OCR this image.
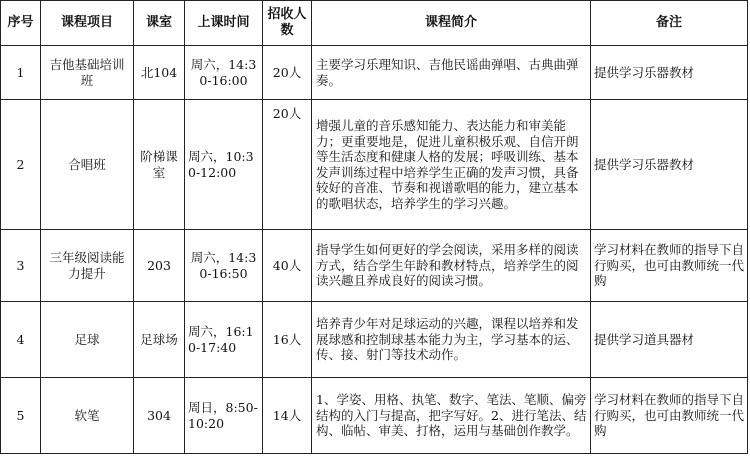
序号	课程项目	课室	上课时间	招收人数	课程简介	备注
1	吉他基础培训班	北104	周六，14:30-16:00	20人	主要学习乐理知识、吉他民谣曲弹唱、古典曲弹奏。	提供学习乐器教材
2	合唱班	阶梯课室	周六，10:30-12:00	20人	增强儿童的音乐感知能力、表达能力和审美能力；更重要地是，促进儿童积极乐观、自信开朗等生活态度和健康人格的发展；呼吸训练、基本发声训练过程中培养学生正确的发声习惯，具备较好的音准、节奏和视谱歌唱的能力，建立基本的歌唱状态，培养学生的学习兴趣。	提供学习乐器教材
3	三年级阅读能力提升	203	周六，14:30-16:50	40人	指导学生如何更好的学会阅读，采用多样的阅读方式，结合学生年龄和教材特点，培养学生的阅读兴趣且养成良好的阅读习惯。	学习材料在教师的指导下自行购买，也可由教师统一代购
4	足球	足球场	周六，16:10-17:40	16人	培养青少年对足球运动的兴趣，课程以培养和发展球感和控制球基本能力为主，学习基本的运、传、接、射门等技术动作。	提供学习道具器材
5	软笔	304	周日，8:50-10:20	14人	1、学姿、用格、执笔、数字、笔法、笔顺、偏旁结构的入门与提高，把字写好。2、进行笔法、结构、临帖、审美、打格，运用与基础创作教学。	学习材料在教师的指导下自行购买，也可由教师统一代购
